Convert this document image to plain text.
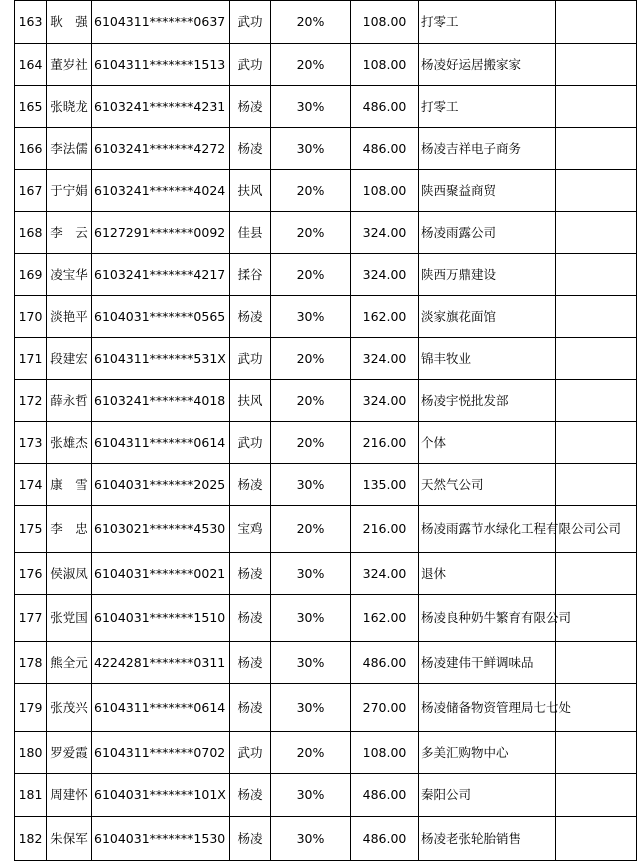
163	耿　强	6104311*******0637	武功	20%	108.00	打零工	
164	董岁社	6104311*******1513	武功	20%	108.00	杨凌好运居搬家家	
165	张晓龙	6103241*******4231	杨凌	30%	486.00	打零工	
166	李法儒	6103241*******4272	杨凌	30%	486.00	杨凌吉祥电子商务	
167	于宁娟	6103241*******4024	扶风	20%	108.00	陕西聚益商贸	
168	李　云	6127291*******0092	佳县	20%	324.00	杨凌雨露公司	
169	凌宝华	6103241*******4217	揉谷	20%	324.00	陕西万鼎建设	
170	淡艳平	6104031*******0565	杨凌	30%	162.00	淡家旗花面馆	
171	段建宏	6104311*******531X	武功	20%	324.00	锦丰牧业	
172	薛永哲	6103241*******4018	扶风	20%	324.00	杨凌宇悦批发部	
173	张雄杰	6104311*******0614	武功	20%	216.00	个体	
174	康　雪	6104031*******2025	杨凌	30%	135.00	天然气公司	
175	李　忠	6103021*******4530	宝鸡	20%	216.00	杨凌雨露节水绿化工程有限公司公司	
176	侯淑凤	6104031*******0021	杨凌	30%	324.00	退休	
177	张党国	6104031*******1510	杨凌	30%	162.00	杨凌良种奶牛繁育有限公司	
178	熊全元	4224281*******0311	杨凌	30%	486.00	杨凌建伟干鲜调味品	
179	张茂兴	6104311*******0614	杨凌	30%	270.00	杨凌储备物资管理局七七处	
180	罗爱霞	6104311*******0702	武功	20%	108.00	多美汇购物中心	
181	周建怀	6104031*******101X	杨凌	30%	486.00	秦阳公司	
182	朱保军	6104031*******1530	杨凌	30%	486.00	杨凌老张轮胎销售	
